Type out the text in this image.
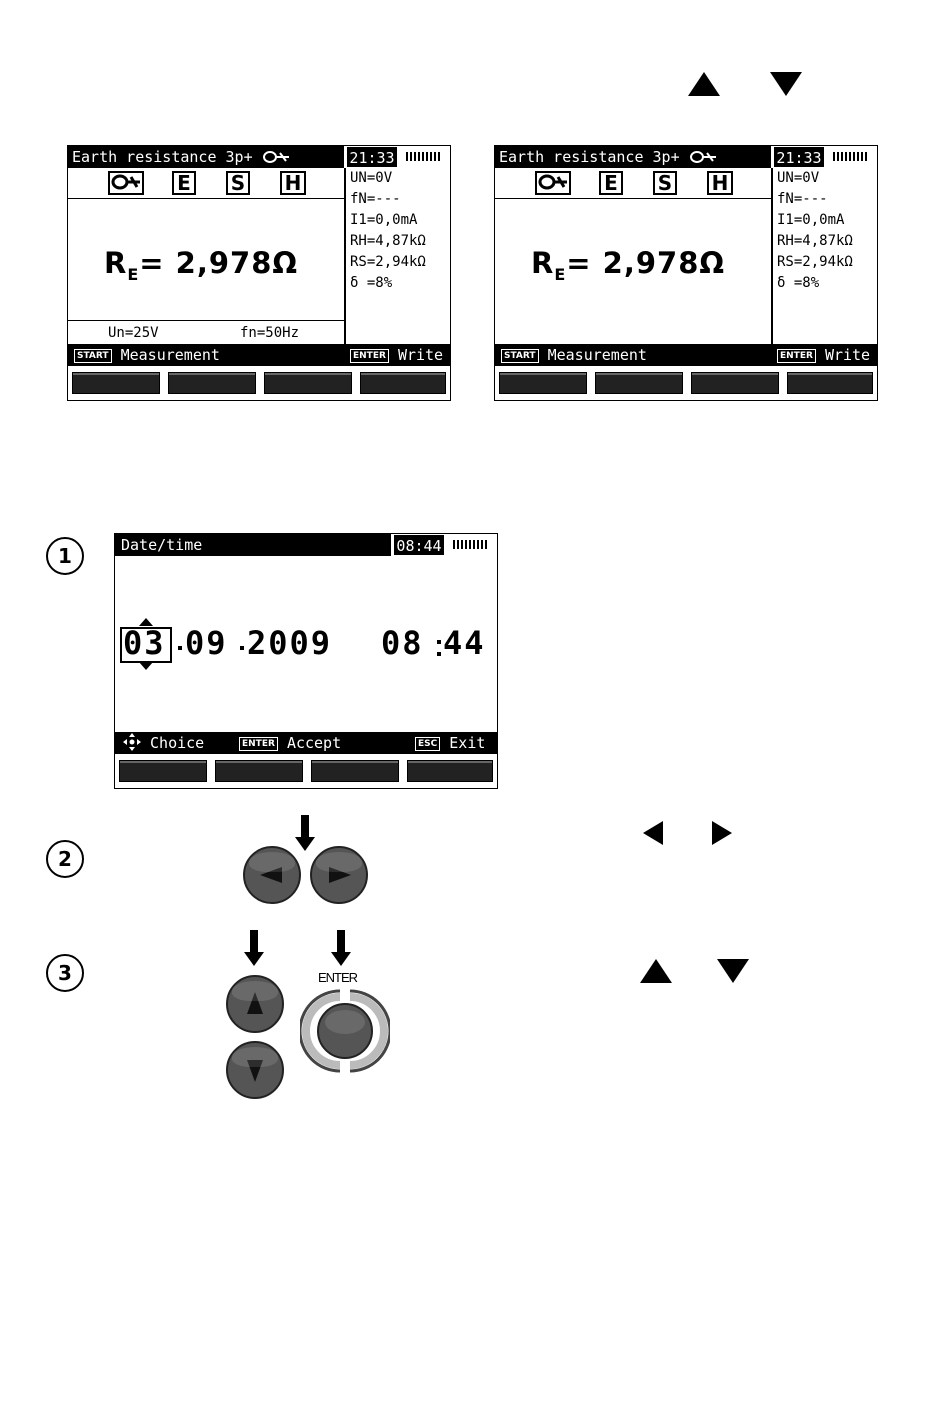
Earth resistance 3p+	21:33
E S H
$R_E= 2,978\Omega$
Un=25V	fn=50Hz
UN=0V
fN=---
I1=0,0mA
RH=4,87kΩ
RS=2,94kΩ
δ =8%
START Measurement	ENTER Write
Earth resistance 3p+	21:33
E S H
$R_E= 2,978\Omega$
UN=0V
fN=---
I1=0,0mA
RH=4,87kΩ
RS=2,94kΩ
δ =8%
START Measurement	ENTER Write
1	Date/time	08:44
03 09 2009 08 44
Choice	ENTER Accept	ESC Exit
2
3	ENTER
